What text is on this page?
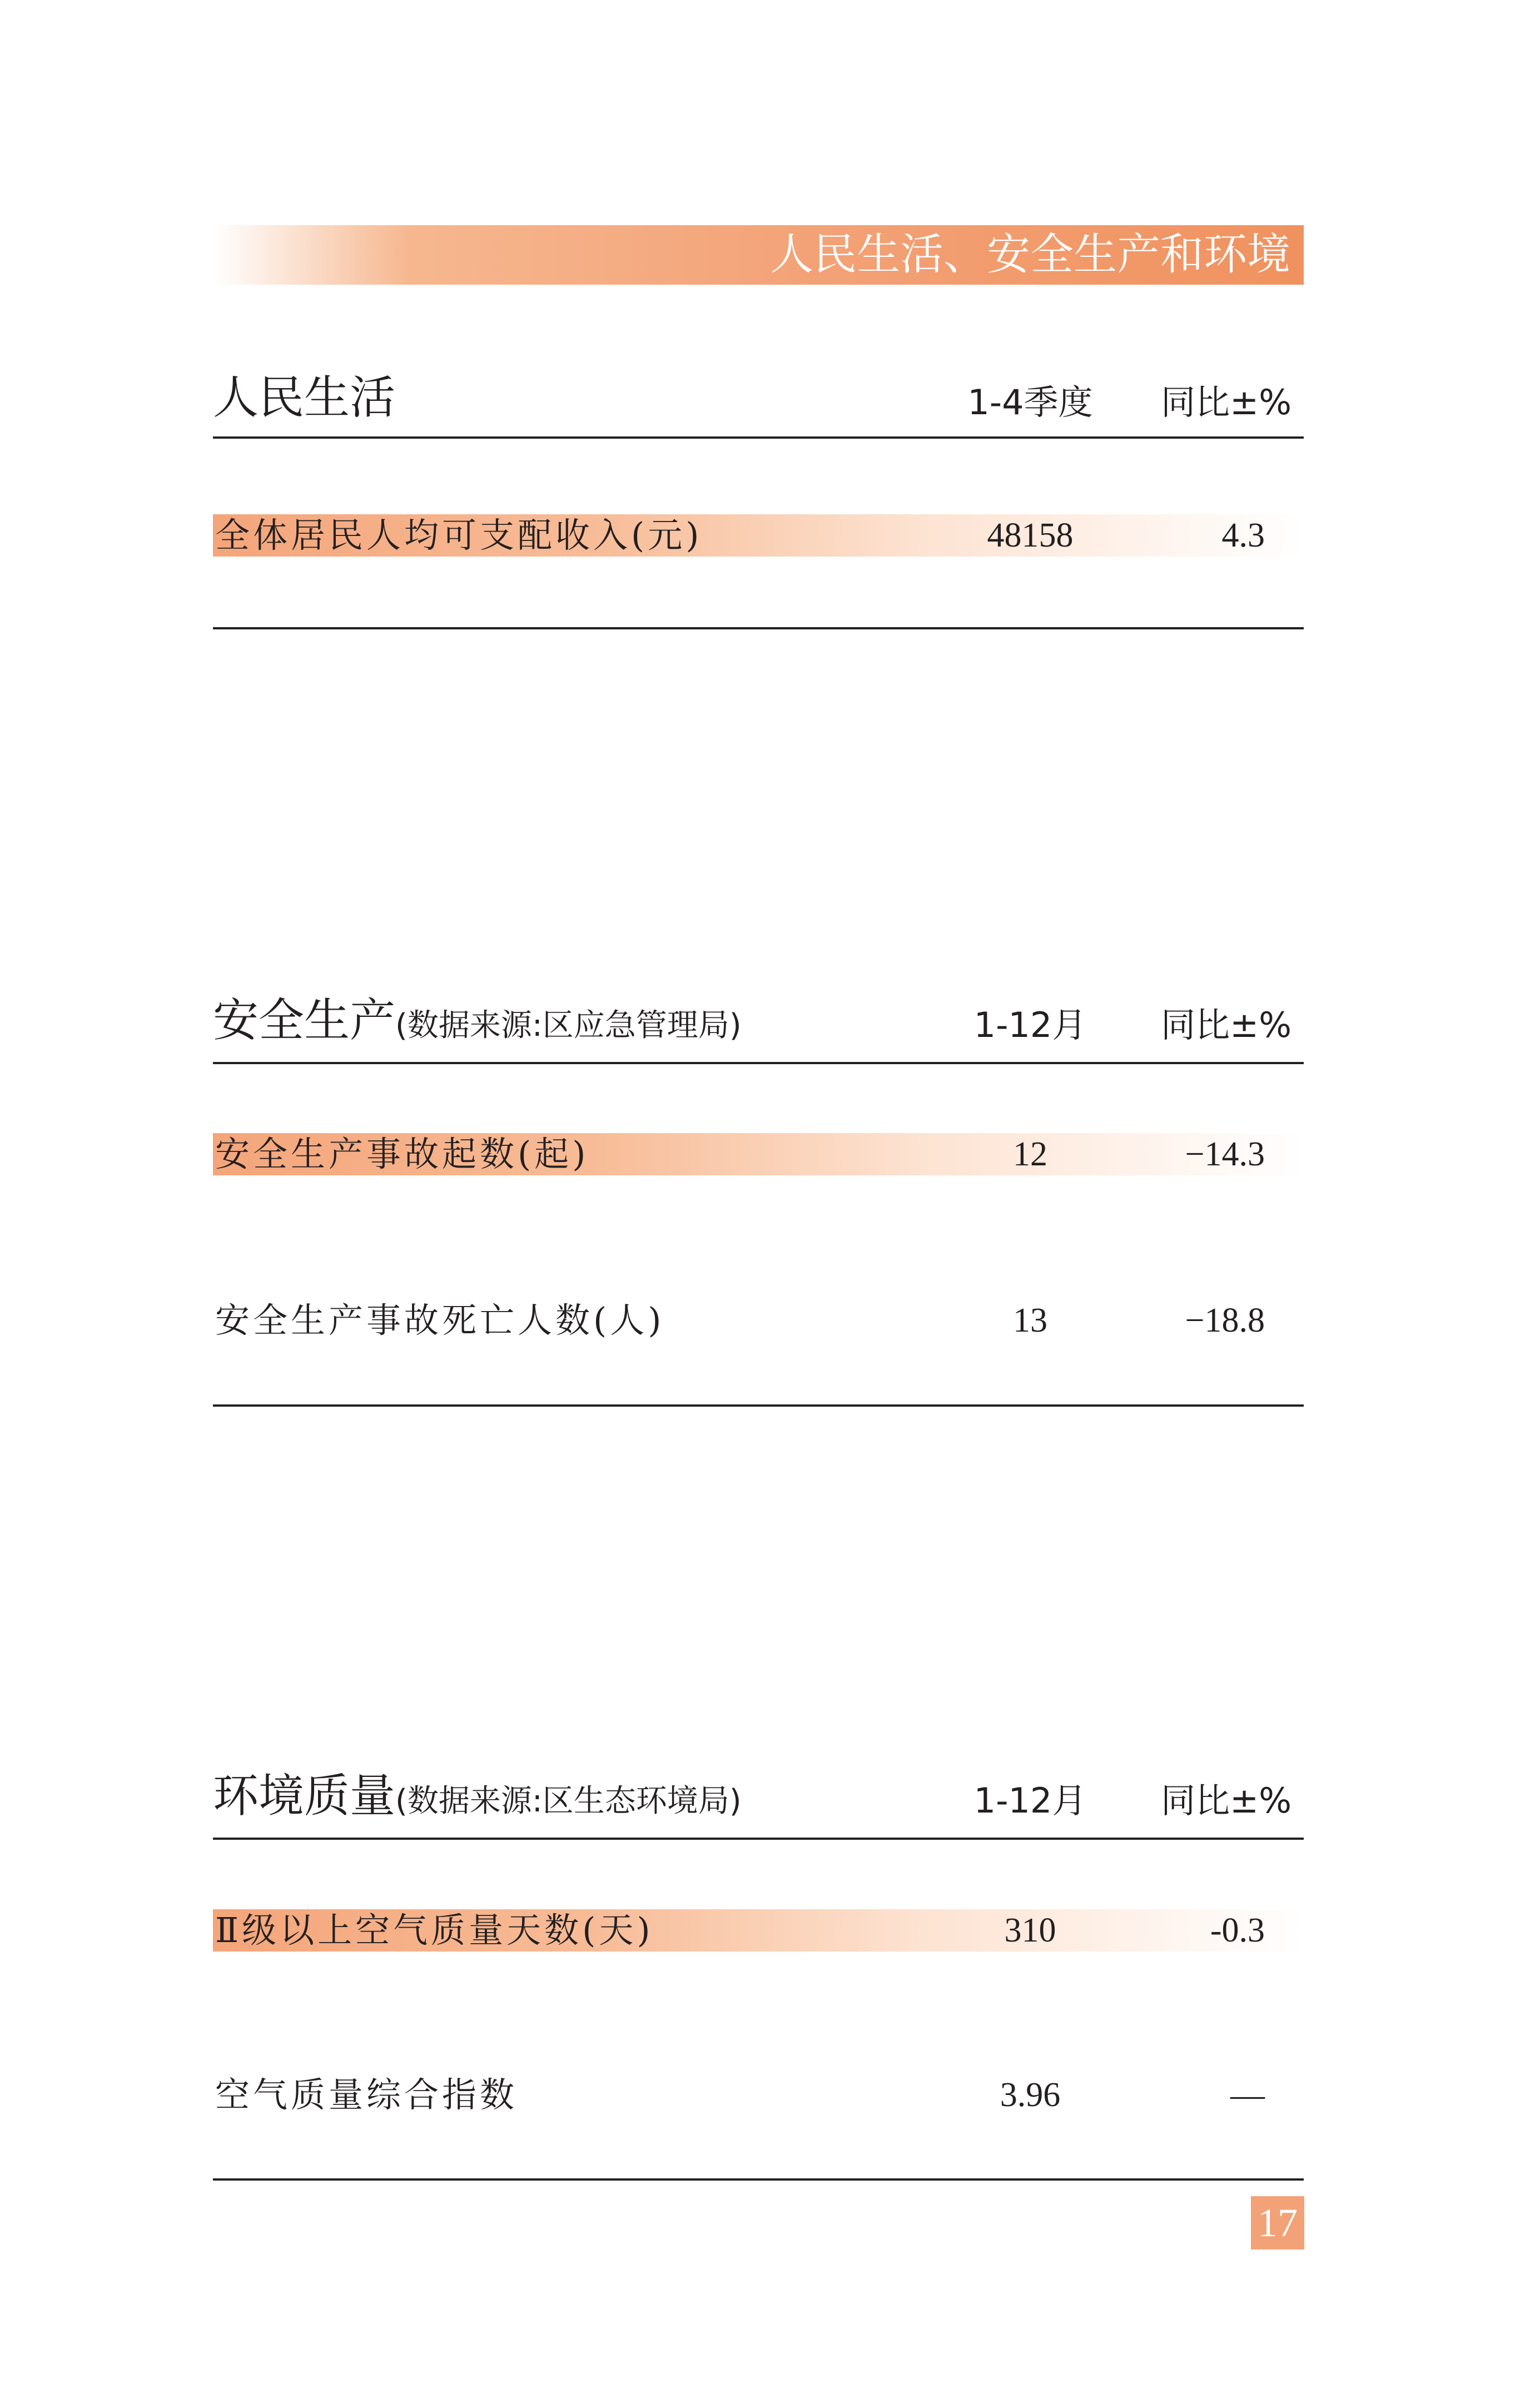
人民生活、安全生产和环境
人民生活	1-4季度	同比±%
全体居民人均可支配收入(元)	48158	4.3
安全生产(数据来源:区应急管理局)	1-12月	同比±%
安全生产事故起数(起)	12	−14.3
安全生产事故死亡人数(人)	13	−18.8
环境质量(数据来源:区生态环境局)	1-12月	同比±%
Ⅱ级以上空气质量天数(天)	310	-0.3
空气质量综合指数	3.96	—
17
